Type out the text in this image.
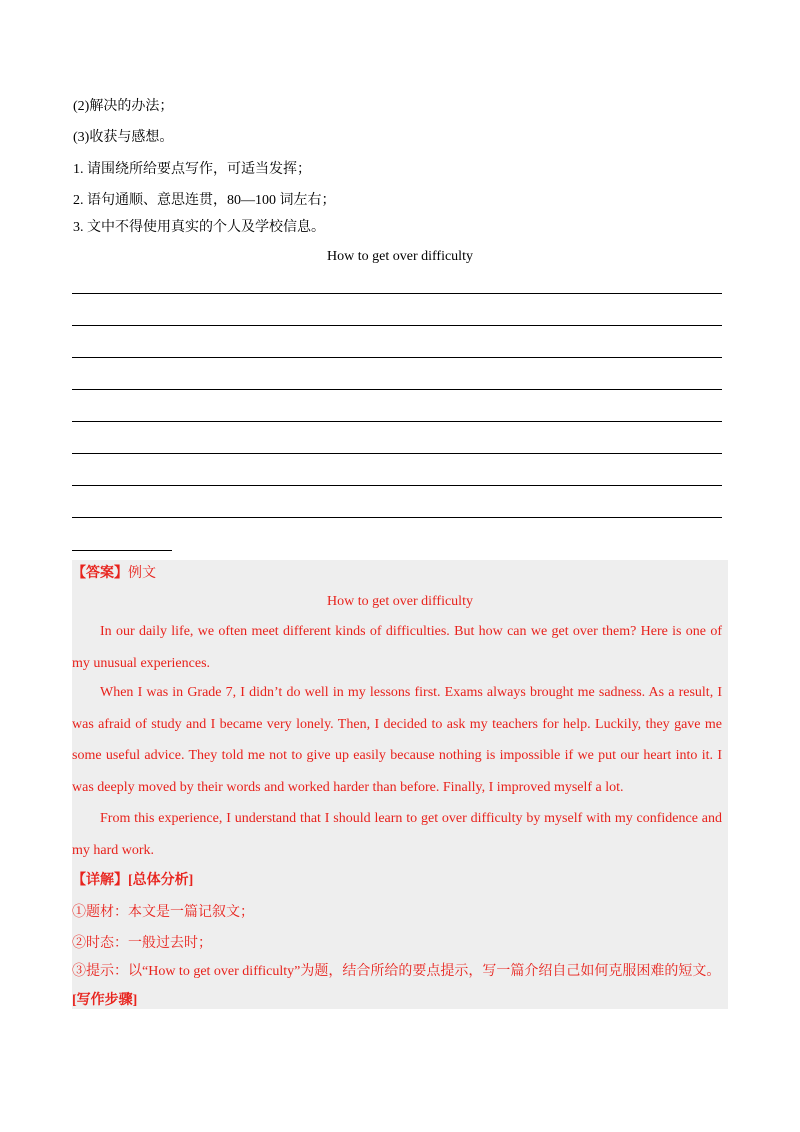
(2)解决的办法；
(3)收获与感想。
1. 请围绕所给要点写作，可适当发挥；
2. 语句通顺、意思连贯，80—100 词左右；
3. 文中不得使用真实的个人及学校信息。
How to get over difficulty
【答案】例文
How to get over difficulty
In our daily life, we often meet different kinds of difficulties. But how can we get over them? Here is one of my unusual experiences.
When I was in Grade 7, I didn’t do well in my lessons first. Exams always brought me sadness. As a result, I was afraid of study and I became very lonely. Then, I decided to ask my teachers for help. Luckily, they gave me some useful advice. They told me not to give up easily because nothing is impossible if we put our heart into it. I was deeply moved by their words and worked harder than before. Finally, I improved myself a lot.
From this experience, I understand that I should learn to get over difficulty by myself with my confidence and my hard work.
【详解】[总体分析]
①题材：本文是一篇记叙文；
②时态：一般过去时；
③提示：以“How to get over difficulty”为题，结合所给的要点提示，写一篇介绍自己如何克服困难的短文。
[写作步骤]
